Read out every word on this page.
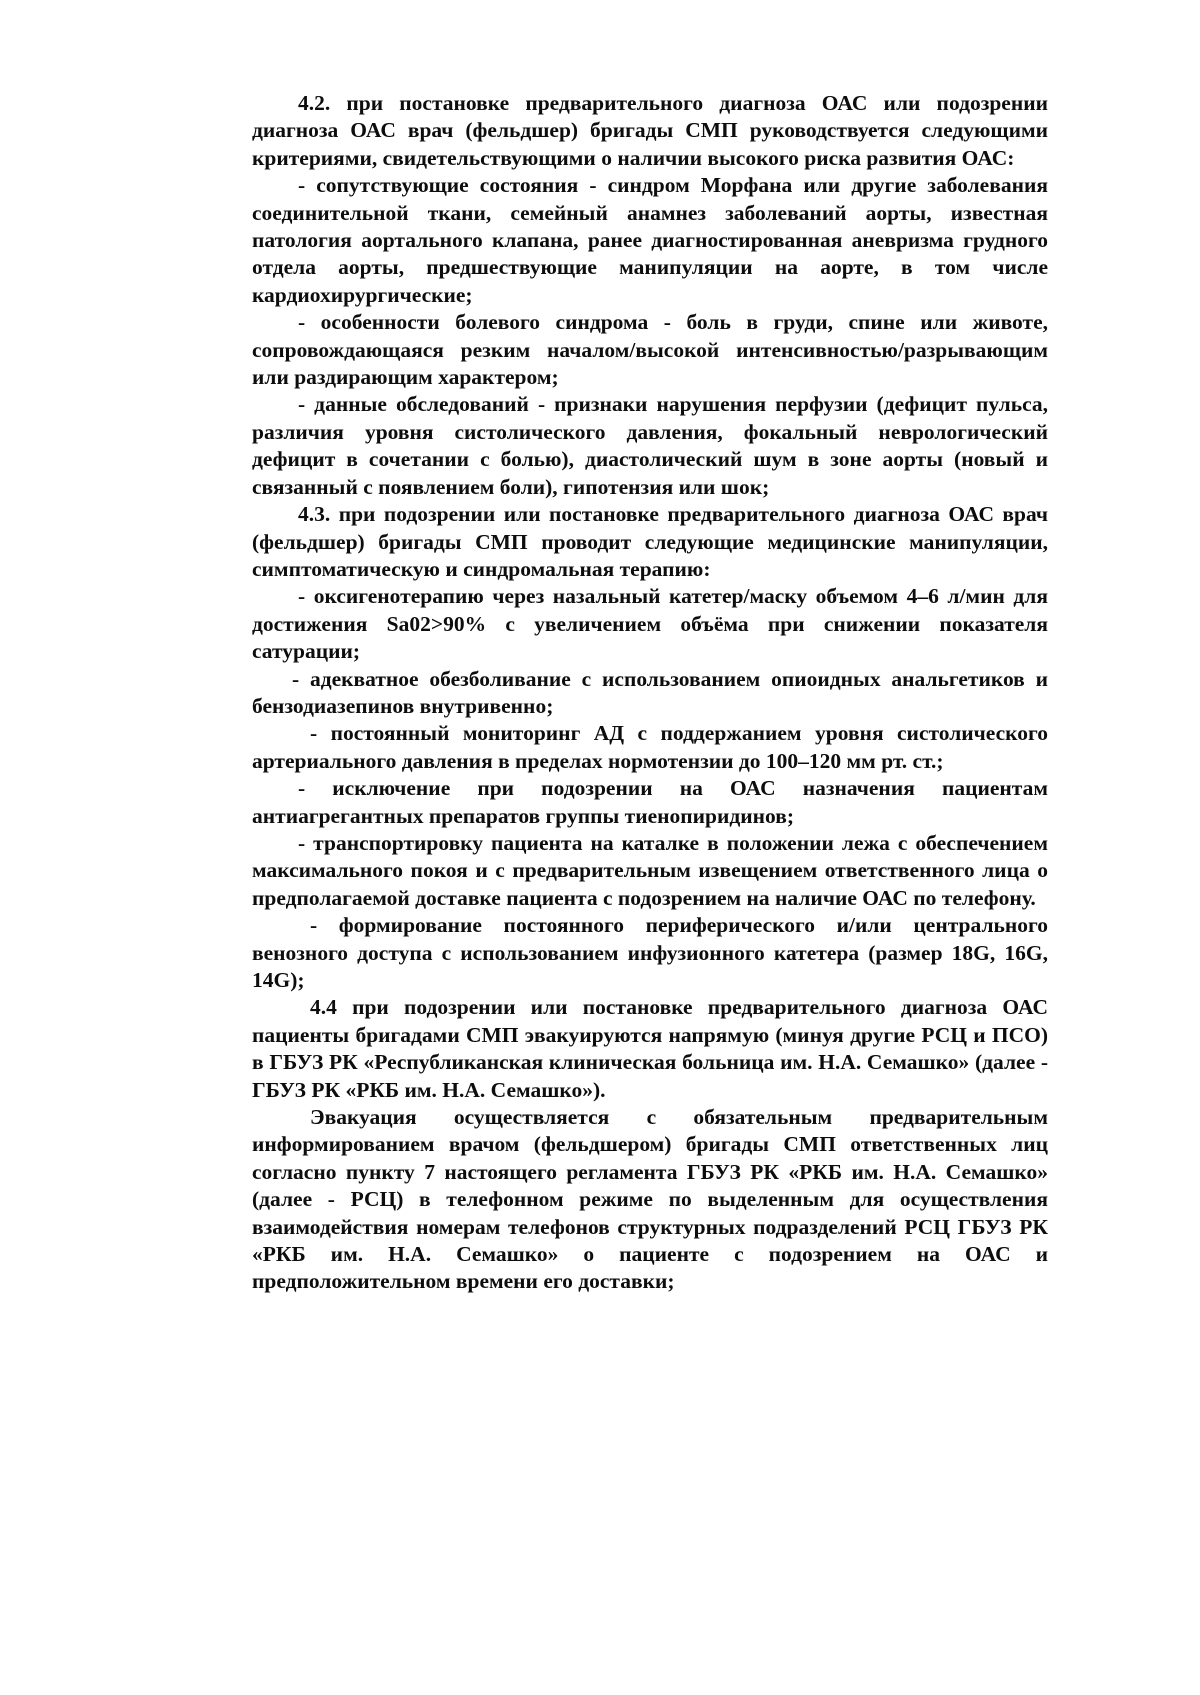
4.2. при постановке предварительного диагноза ОАС или подозрении диагноза ОАС врач (фельдшер) бригады СМП руководствуется следующими критериями, свидетельствующими о наличии высокого риска развития ОАС:

- сопутствующие состояния - синдром Морфана или другие заболевания соединительной ткани, семейный анамнез заболеваний аорты, известная патология аортального клапана, ранее диагностированная аневризма грудного отдела аорты, предшествующие манипуляции на аорте, в том числе кардиохирургические;

- особенности болевого синдрома - боль в груди, спине или животе, сопровождающаяся резким началом/высокой интенсивностью/разрывающим или раздирающим характером;

- данные обследований - признаки нарушения перфузии (дефицит пульса, различия уровня систолического давления, фокальный неврологический дефицит в сочетании с болью), диастолический шум в зоне аорты (новый и связанный с появлением боли), гипотензия или шок;

4.3. при подозрении или постановке предварительного диагноза ОАС врач (фельдшер) бригады СМП проводит следующие медицинские манипуляции, симптоматическую и синдромальная терапию:

- оксигенотерапию через назальный катетер/маску объемом 4–6 л/мин для достижения Sa02>90% с увеличением объёма при снижении показателя сатурации;

- адекватное обезболивание с использованием опиоидных анальгетиков и бензодиазепинов внутривенно;

- постоянный мониторинг АД с поддержанием уровня систолического артериального давления в пределах нормотензии до 100–120 мм рт. ст.;

- исключение при подозрении на ОАС назначения пациентам антиагрегантных препаратов группы тиенопиридинов;

- транспортировку пациента на каталке в положении лежа с обеспечением максимального покоя и с предварительным извещением ответственного лица о предполагаемой доставке пациента с подозрением на наличие ОАС по телефону.

- формирование постоянного периферического и/или центрального венозного доступа с использованием инфузионного катетера (размер 18G, 16G, 14G);

4.4 при подозрении или постановке предварительного диагноза ОАС пациенты бригадами СМП эвакуируются напрямую (минуя другие РСЦ и ПСО) в ГБУЗ РК «Республиканская клиническая больница им. Н.А. Семашко» (далее - ГБУЗ РК «РКБ им. Н.А. Семашко»).

Эвакуация осуществляется с обязательным предварительным информированием врачом (фельдшером) бригады СМП ответственных лиц согласно пункту 7 настоящего регламента ГБУЗ РК «РКБ им. Н.А. Семашко» (далее - РСЦ) в телефонном режиме по выделенным для осуществления взаимодействия номерам телефонов структурных подразделений РСЦ ГБУЗ РК «РКБ им. Н.А. Семашко» о пациенте с подозрением на ОАС и предположительном времени его доставки;
